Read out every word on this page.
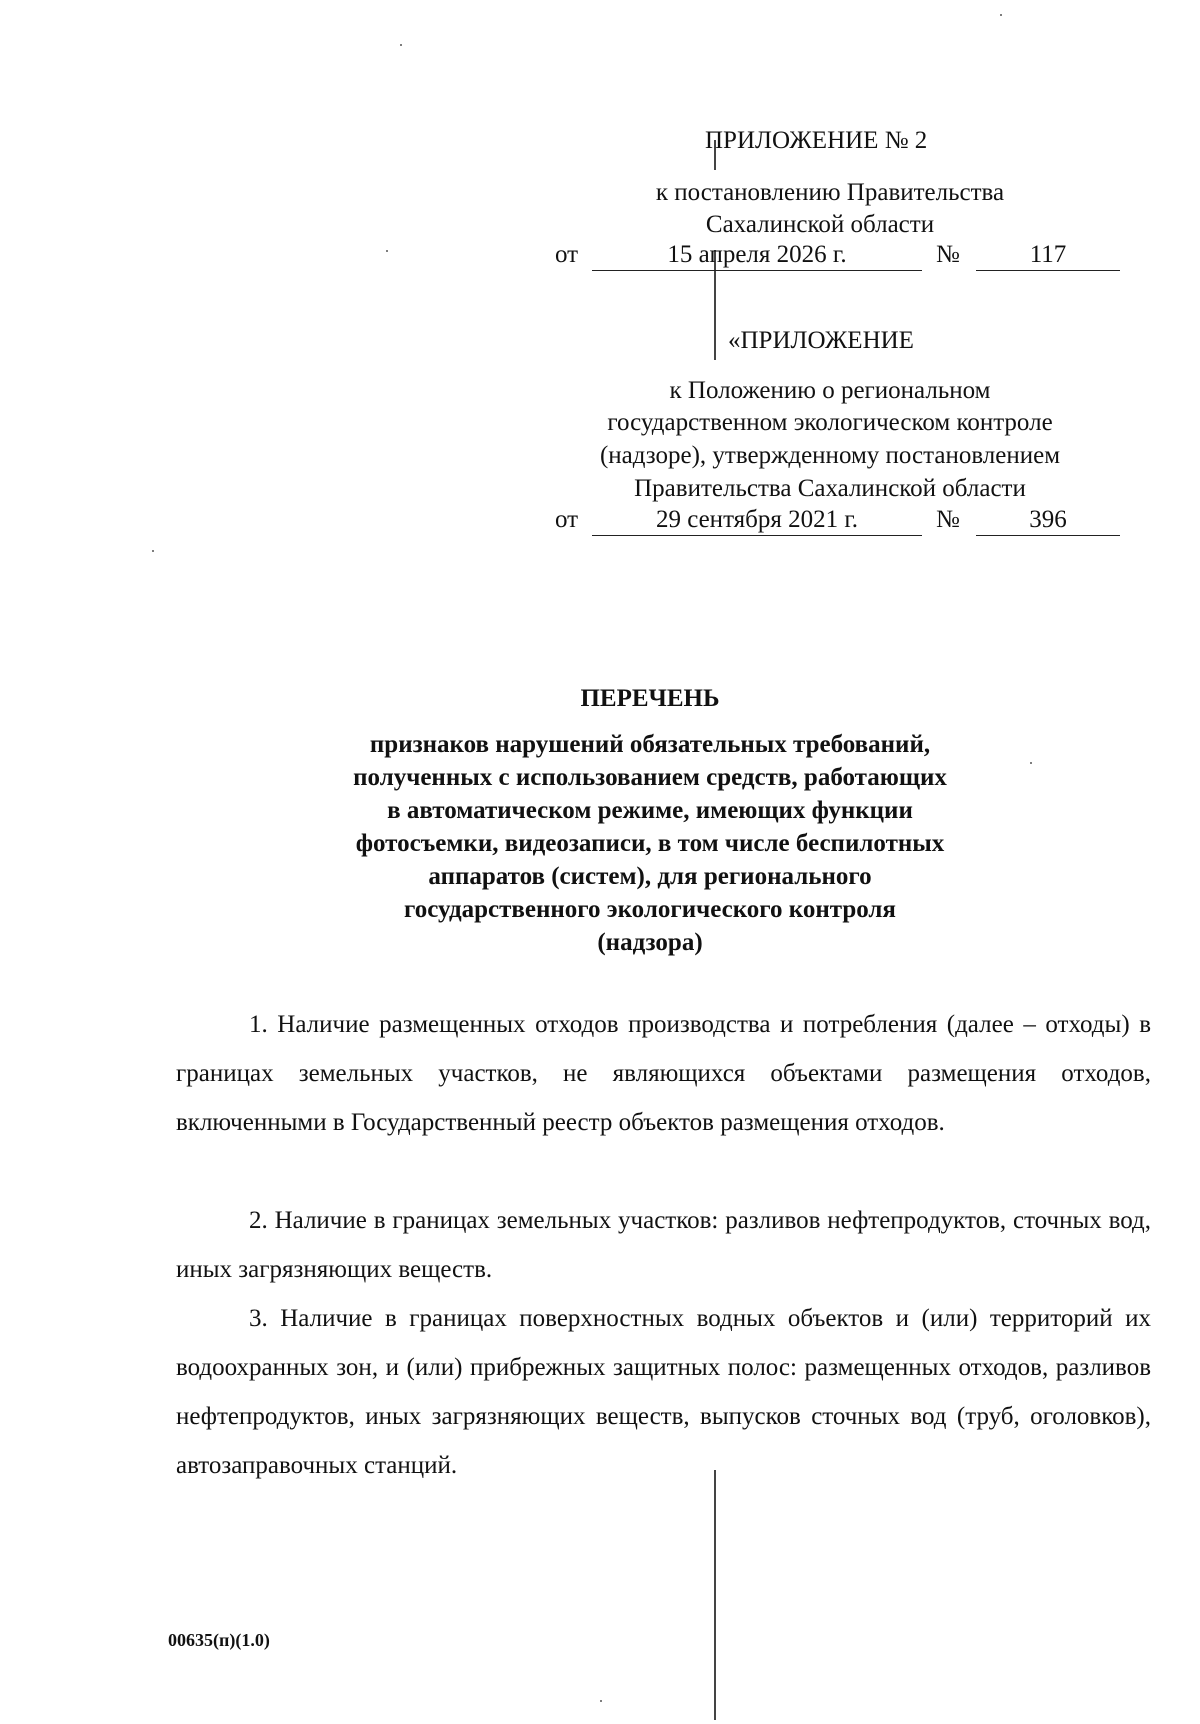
ПРИЛОЖЕНИЕ № 2
к постановлению Правительства
Сахалинской области
от	15 апреля 2026 г.	№	117
«ПРИЛОЖЕНИЕ
к Положению о региональном
государственном экологическом контроле
(надзоре), утвержденному постановлением
Правительства Сахалинской области
от	29 сентября 2021 г.	№	396
ПЕРЕЧЕНЬ
признаков нарушений обязательных требований,
полученных с использованием средств, работающих
в автоматическом режиме, имеющих функции
фотосъемки, видеозаписи, в том числе беспилотных
аппаратов (систем), для регионального
государственного экологического контроля
(надзора)
1. Наличие размещенных отходов производства и потребления (далее – отходы) в границах земельных участков, не являющихся объектами размещения отходов, включенными в Государственный реестр объектов размещения отходов.
2. Наличие в границах земельных участков: разливов нефтепродуктов, сточных вод, иных загрязняющих веществ.
3. Наличие в границах поверхностных водных объектов и (или) территорий их водоохранных зон, и (или) прибрежных защитных полос: размещенных отходов, разливов нефтепродуктов, иных загрязняющих веществ, выпусков сточных вод (труб, оголовков), автозаправочных станций.
00635(п)(1.0)
